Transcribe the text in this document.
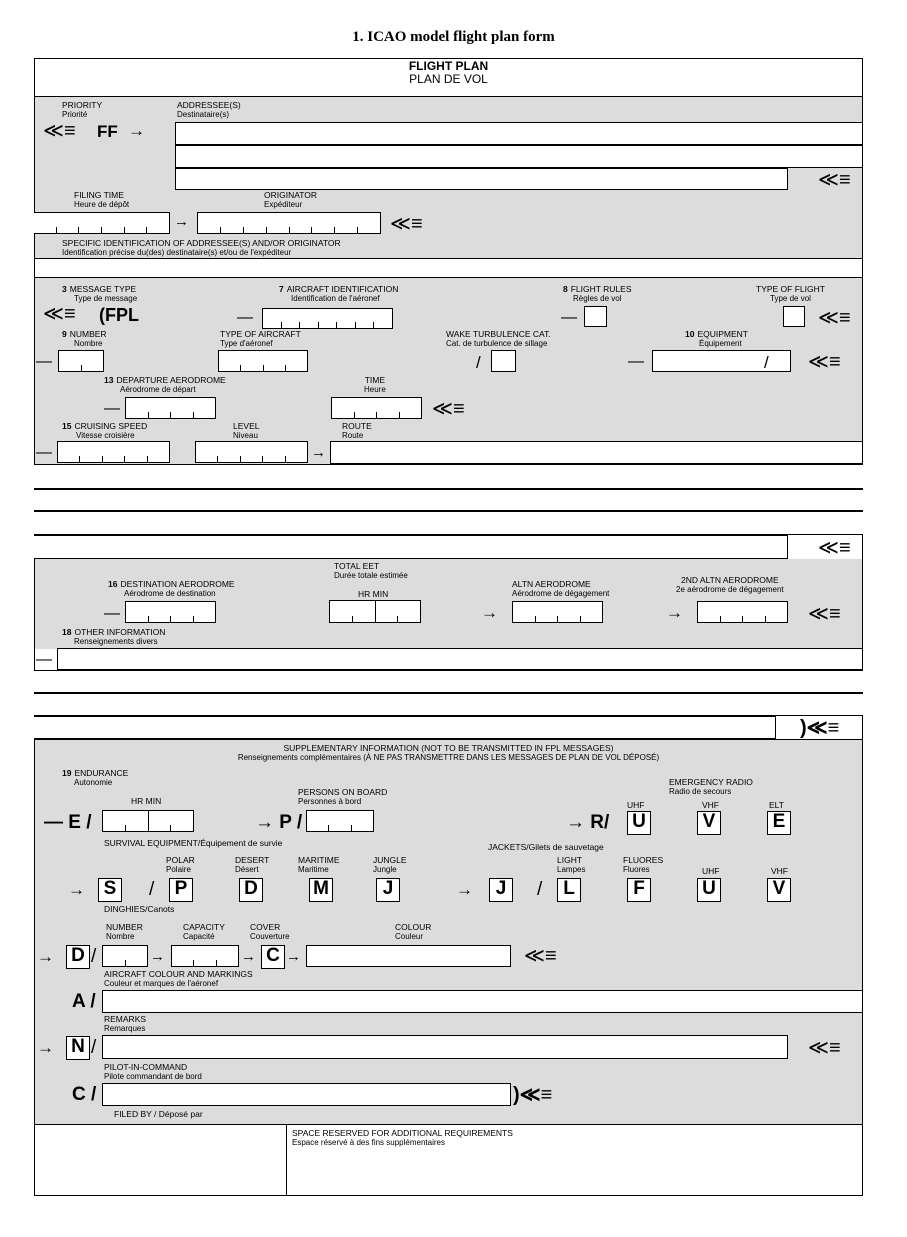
1. ICAO model flight plan form
FLIGHT PLAN
PLAN DE VOL
PRIORITY
Priorité
≪≡ FF →
ADDRESSEE(S)
Destinataire(s)
≪≡
FILING TIME
Heure de dépôt
→
ORIGINATOR
Expéditeur
≪≡
SPECIFIC IDENTIFICATION OF ADDRESSEE(S) AND/OR ORIGINATOR
Identification précise du(des) destinataire(s) et/ou de l'expéditeur
3 MESSAGE TYPE
Type de message
≪≡ (FPL
7 AIRCRAFT IDENTIFICATION
Identification de l'aéronef
—
8 FLIGHT RULES
Règles de vol
—
TYPE OF FLIGHT
Type de vol
≪≡
9 NUMBER
Nombre
—
TYPE OF AIRCRAFT
Type d'aéronef
WAKE TURBULENCE CAT.
Cat. de turbulence de sillage
/
10 EQUIPMENT
Équipement
—	/ ≪≡
13 DEPARTURE AERODROME
Aérodrome de départ
—
TIME
Heure
≪≡
15 CRUISING SPEED
Vitesse croisière
—
LEVEL
Niveau
→
ROUTE
Route
≪≡
TOTAL EET
Durée totale estimée
HR MIN
16 DESTINATION AERODROME
Aérodrome de destination
—
ALTN AERODROME
Aérodrome de dégagement
→
2ND ALTN AERODROME
2e aérodrome de dégagement
→	≪≡
18 OTHER INFORMATION
Renseignements divers
—
)≪≡
SUPPLEMENTARY INFORMATION (NOT TO BE TRANSMITTED IN FPL MESSAGES)
Renseignements complémentaires (À NE PAS TRANSMETTRE DANS LES MESSAGES DE PLAN DE VOL DÉPOSÉ)
19 ENDURANCE
Autonomie
HR MIN
— E /
PERSONS ON BOARD
Personnes à bord
→ P /
EMERGENCY RADIO
Radio de secours
UHF	VHF	ELT
→ R/ U	V	E
SURVIVAL EQUIPMENT/Équipement de survie
POLAR
Polaire
DESERT
Désert
MARITIME
Maritime
JUNGLE
Jungle
→ S / P	D	M	J
DINGHIES/Canots
JACKETS/Gilets de sauvetage
LIGHT
Lampes
FLUORES
Fluores	UHF	VHF
→	J	/	L	F	U	V
NUMBER
Nombre
CAPACITY
Capacité
COVER
Couverture
COLOUR
Couleur
→ D /	→	→ C →	≪≡
AIRCRAFT COLOUR AND MARKINGS
Couleur et marques de l'aéronef
A /
REMARKS
Remarques
→ N /	≪≡
PILOT-IN-COMMAND
Pilote commandant de bord
C /	)≪≡
FILED BY / Déposé par
SPACE RESERVED FOR ADDITIONAL REQUIREMENTS
Espace réservé à des fins supplémentaires
